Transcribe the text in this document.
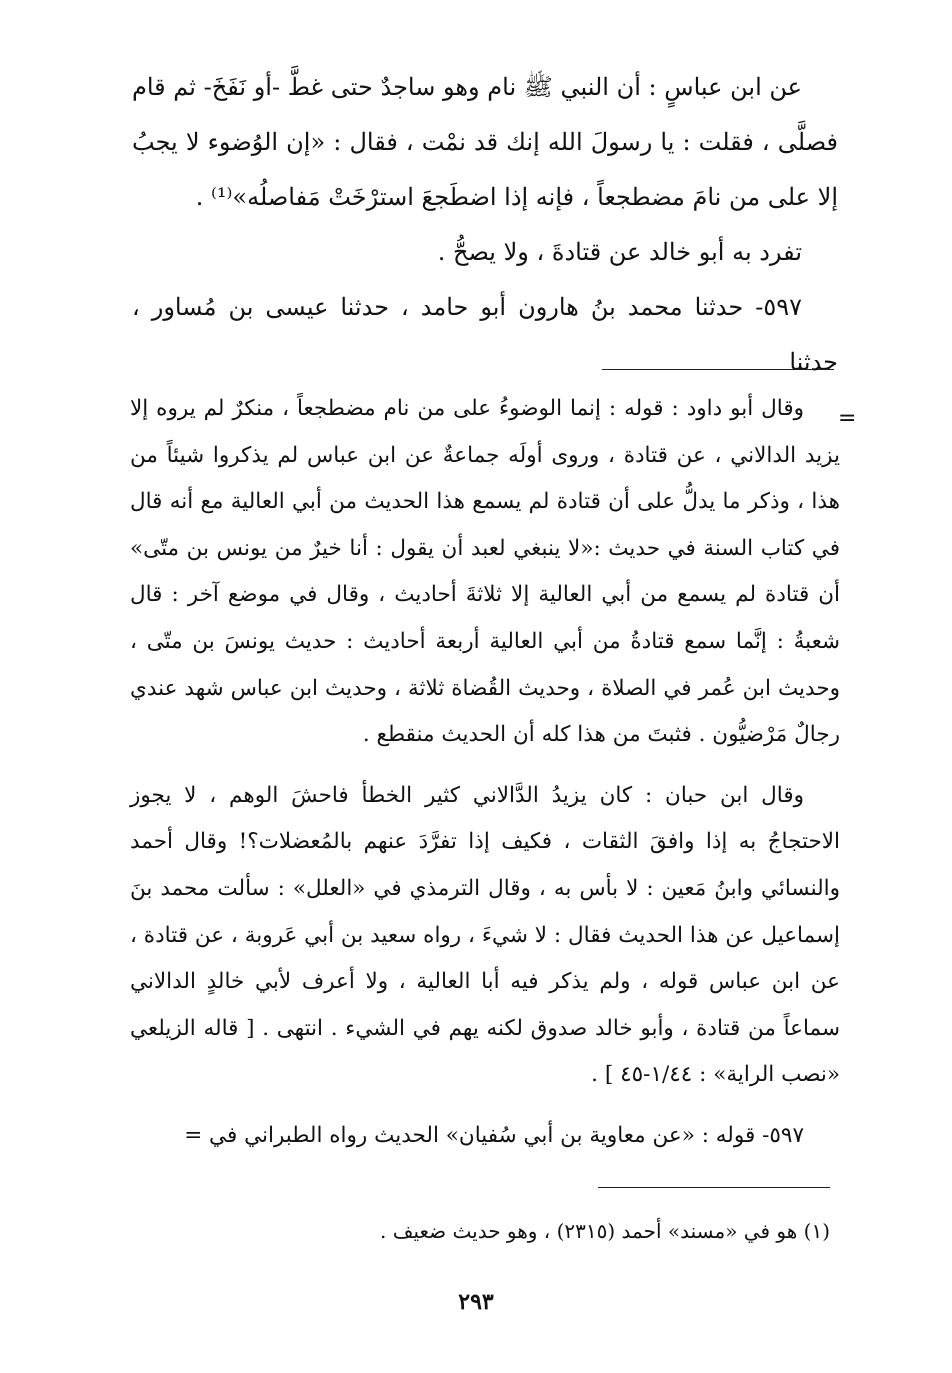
عن ابن عباسٍ : أن النبي ﷺ نام وهو ساجدٌ حتى غطَّ -أو نَفَخَ- ثم قام فصلَّى ، فقلت : يا رسولَ الله إنك قد نمْت ، فقال : «إن الوُضوء لا يجبُ إلا على من نامَ مضطجعاً ، فإنه إذا اضطَجعَ استرْخَتْ مَفاصلُه»⁽¹⁾ .

تفرد به أبو خالد عن قتادةَ ، ولا يصحُّ .

٥٩٧- حدثنا محمد بنُ هارون أبو حامد ، حدثنا عيسى بن مُساور ، حدثنا

=

وقال أبو داود : قوله : إنما الوضوءُ على من نام مضطجعاً ، منكرٌ لم يروه إلا يزيد الدالاني ، عن قتادة ، وروى أولَه جماعةٌ عن ابن عباس لم يذكروا شيئاً من هذا ، وذكر ما يدلُّ على أن قتادة لم يسمع هذا الحديث من أبي العالية مع أنه قال في كتاب السنة في حديث :«لا ينبغي لعبد أن يقول : أنا خيرٌ من يونس بن متّى» أن قتادة لم يسمع من أبي العالية إلا ثلاثةَ أحاديث ، وقال في موضع آخر : قال شعبةُ : إنَّما سمع قتادةُ من أبي العالية أربعة أحاديث : حديث يونسَ بن متّى ، وحديث ابن عُمر في الصلاة ، وحديث القُضاة ثلاثة ، وحديث ابن عباس شهد عندي رجالٌ مَرْضيُّون . فثبتَ من هذا كله أن الحديث منقطع .

وقال ابن حبان : كان يزيدُ الدَّالاني كثير الخطأ فاحشَ الوهم ، لا يجوز الاحتجاجُ به إذا وافقَ الثقات ، فكيف إذا تفرَّدَ عنهم بالمُعضلات؟! وقال أحمد والنسائي وابنُ مَعين : لا بأس به ، وقال الترمذي في «العلل» : سألت محمد بنَ إسماعيل عن هذا الحديث فقال : لا شيءَ ، رواه سعيد بن أبي عَروبة ، عن قتادة ، عن ابن عباس قوله ، ولم يذكر فيه أبا العالية ، ولا أعرف لأبي خالدٍ الدالاني سماعاً من قتادة ، وأبو خالد صدوق لكنه يهم في الشيء . انتهى . [ قاله الزيلعي «نصب الراية» : ١/٤٤-٤٥ ] .

٥٩٧- قوله : «عن معاوية بن أبي سُفيان» الحديث رواه الطبراني في =

(١) هو في «مسند» أحمد (٢٣١٥) ، وهو حديث ضعيف .
٢٩٣
